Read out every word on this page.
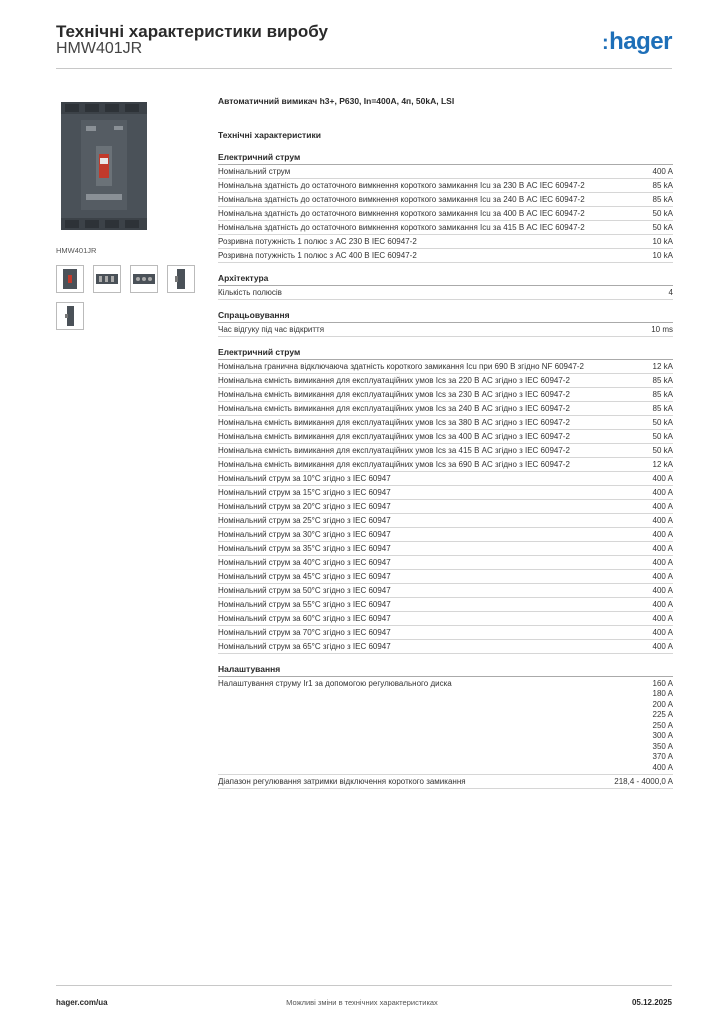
Технічні характеристики виробу
HMW401JR	:hager
HMW401JR
Автоматичний вимикач h3+, P630, In=400A, 4п, 50kA, LSI
Технічні характеристики
Електричний струм
Номінальний струм	400 A
Номінальна здатність до остаточного вимкнення короткого замикання Icu за 230 В AC IEC 60947-2	85 kA
Номінальна здатність до остаточного вимкнення короткого замикання Icu за 240 В AC IEC 60947-2	85 kA
Номінальна здатність до остаточного вимкнення короткого замикання Icu за 400 В AC IEC 60947-2	50 kA
Номінальна здатність до остаточного вимкнення короткого замикання Icu за 415 В AC IEC 60947-2	50 kA
Розривна потужність 1 полюс з AC 230 В IEC 60947-2	10 kA
Розривна потужність 1 полюс з AC 400 В IEC 60947-2	10 kA
Архітектура
Кількість полюсів	4
Спрацьовування
Час відгуку під час відкриття	10 ms
Електричний струм
Номінальна гранична відключаюча здатність короткого замикання Icu при 690 В згідно NF 60947-2	12 kA
Номінальна ємність вимикання для експлуатаційних умов Ics за 220 В AC згідно з IEC 60947-2	85 kA
Номінальна ємність вимикання для експлуатаційних умов Ics за 230 В AC згідно з IEC 60947-2	85 kA
Номінальна ємність вимикання для експлуатаційних умов Ics за 240 В AC згідно з IEC 60947-2	85 kA
Номінальна ємність вимикання для експлуатаційних умов Ics за 380 В AC згідно з IEC 60947-2	50 kA
Номінальна ємність вимикання для експлуатаційних умов Ics за 400 В AC згідно з IEC 60947-2	50 kA
Номінальна ємність вимикання для експлуатаційних умов Ics за 415 В AC згідно з IEC 60947-2	50 kA
Номінальна ємність вимикання для експлуатаційних умов Ics за 690 В AC згідно з IEC 60947-2	12 kA
Номінальний струм за 10°C згідно з IEC 60947	400 A
Номінальний струм за 15°C згідно з IEC 60947	400 A
Номінальний струм за 20°C згідно з IEC 60947	400 A
Номінальний струм за 25°C згідно з IEC 60947	400 A
Номінальний струм за 30°C згідно з IEC 60947	400 A
Номінальний струм за 35°C згідно з IEC 60947	400 A
Номінальний струм за 40°C згідно з IEC 60947	400 A
Номінальний струм за 45°C згідно з IEC 60947	400 A
Номінальний струм за 50°C згідно з IEC 60947	400 A
Номінальний струм за 55°C згідно з IEC 60947	400 A
Номінальний струм за 60°C згідно з IEC 60947	400 A
Номінальний струм за 70°C згідно з IEC 60947	400 A
Номінальний струм за 65°C згідно з IEC 60947	400 A
Налаштування
Налаштування струму Ir1 за допомогою регулювального диска	160 A
180 A
200 A
225 A
250 A
300 A
350 A
370 A
400 A
Діапазон регулювання затримки відключення короткого замикання	218,4 - 4000,0 A
hager.com/ua	Можливі зміни в технічних характеристиках	05.12.2025
